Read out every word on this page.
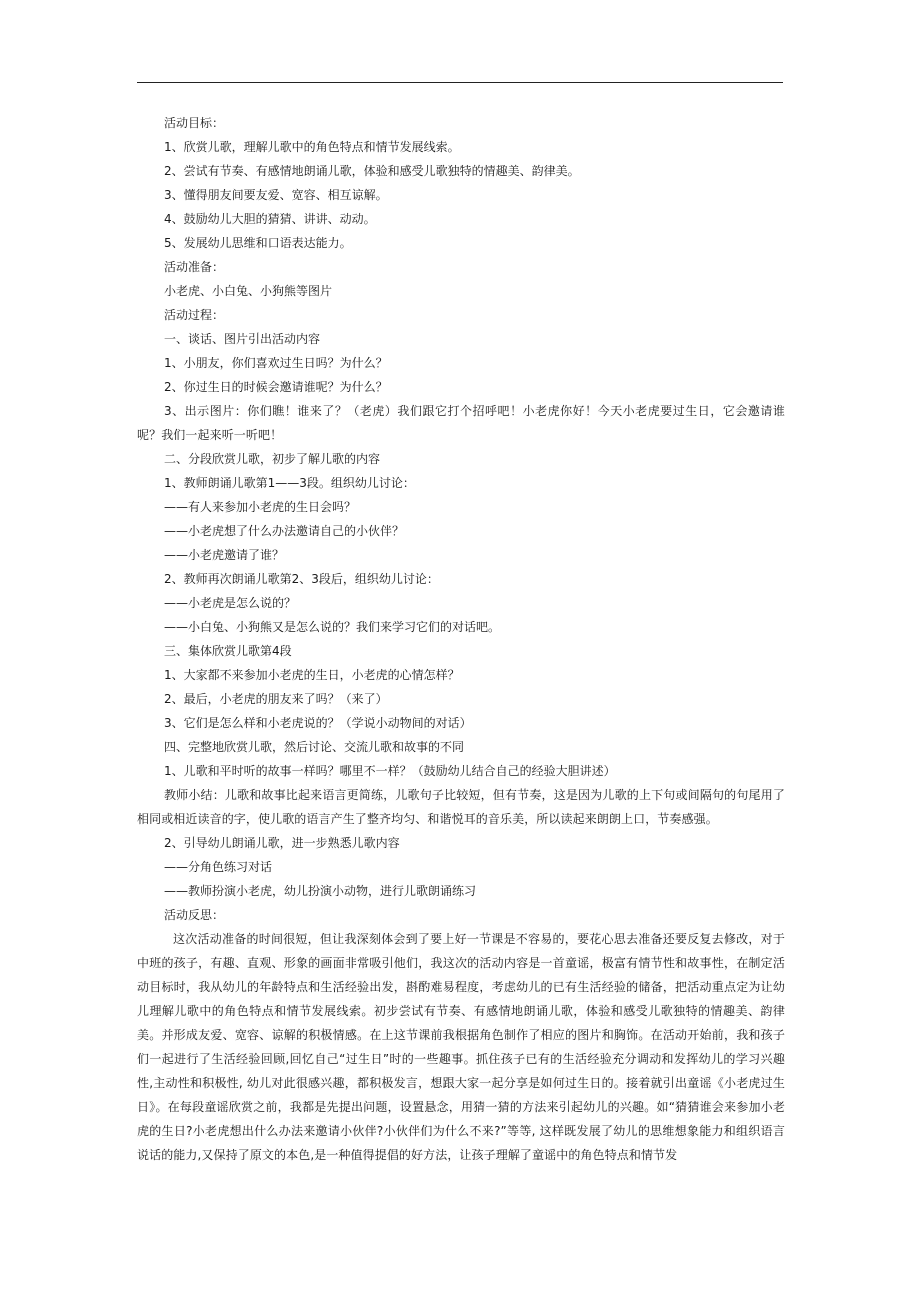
活动目标：
1、欣赏儿歌，理解儿歌中的角色特点和情节发展线索。
2、尝试有节奏、有感情地朗诵儿歌，体验和感受儿歌独特的情趣美、韵律美。
3、懂得朋友间要友爱、宽容、相互谅解。
4、鼓励幼儿大胆的猜猜、讲讲、动动。
5、发展幼儿思维和口语表达能力。
活动准备：
小老虎、小白兔、小狗熊等图片
活动过程：
一、谈话、图片引出活动内容
1、小朋友，你们喜欢过生日吗？为什么？
2、你过生日的时候会邀请谁呢？为什么？

3、出示图片：你们瞧！谁来了？（老虎）我们跟它打个招呼吧！小老虎你好！今天小老虎要过生日，它会邀请谁呢？我们一起来听一听吧！

二、分段欣赏儿歌，初步了解儿歌的内容
1、教师朗诵儿歌第1——3段。组织幼儿讨论：
——有人来参加小老虎的生日会吗？
——小老虎想了什么办法邀请自己的小伙伴？
——小老虎邀请了谁？
2、教师再次朗诵儿歌第2、3段后，组织幼儿讨论：
——小老虎是怎么说的？
——小白兔、小狗熊又是怎么说的？我们来学习它们的对话吧。
三、集体欣赏儿歌第4段
1、大家都不来参加小老虎的生日，小老虎的心情怎样？
2、最后，小老虎的朋友来了吗？（来了）
3、它们是怎么样和小老虎说的？（学说小动物间的对话）
四、完整地欣赏儿歌，然后讨论、交流儿歌和故事的不同
1、儿歌和平时听的故事一样吗？哪里不一样？（鼓励幼儿结合自己的经验大胆讲述）

教师小结：儿歌和故事比起来语言更简练，儿歌句子比较短，但有节奏，这是因为儿歌的上下句或间隔句的句尾用了相同或相近读音的字，使儿歌的语言产生了整齐均匀、和谐悦耳的音乐美，所以读起来朗朗上口，节奏感强。

2、引导幼儿朗诵儿歌，进一步熟悉儿歌内容
——分角色练习对话
——教师扮演小老虎，幼儿扮演小动物，进行儿歌朗诵练习
活动反思：

这次活动准备的时间很短，但让我深刻体会到了要上好一节课是不容易的，要花心思去准备还要反复去修改，对于中班的孩子，有趣、直观、形象的画面非常吸引他们，我这次的活动内容是一首童谣，极富有情节性和故事性，在制定活动目标时，我从幼儿的年龄特点和生活经验出发，斟酌难易程度，考虑幼儿的已有生活经验的储备，把活动重点定为让幼儿理解儿歌中的角色特点和情节发展线索。初步尝试有节奏、有感情地朗诵儿歌，体验和感受儿歌独特的情趣美、韵律美。并形成友爱、宽容、谅解的积极情感。在上这节课前我根据角色制作了相应的图片和胸饰。在活动开始前，我和孩子们一起进行了生活经验回顾,回忆自己“过生日”时的一些趣事。抓住孩子已有的生活经验充分调动和发挥幼儿的学习兴趣性,主动性和积极性, 幼儿对此很感兴趣，都积极发言，想跟大家一起分享是如何过生日的。接着就引出童谣《小老虎过生日》。在每段童谣欣赏之前，我都是先提出问题，设置悬念，用猜一猜的方法来引起幼儿的兴趣。如“猜猜谁会来参加小老虎的生日?小老虎想出什么办法来邀请小伙伴?小伙伴们为什么不来?”等等, 这样既发展了幼儿的思维想象能力和组织语言说话的能力,又保持了原文的本色,是一种值得提倡的好方法，让孩子理解了童谣中的角色特点和情节发
